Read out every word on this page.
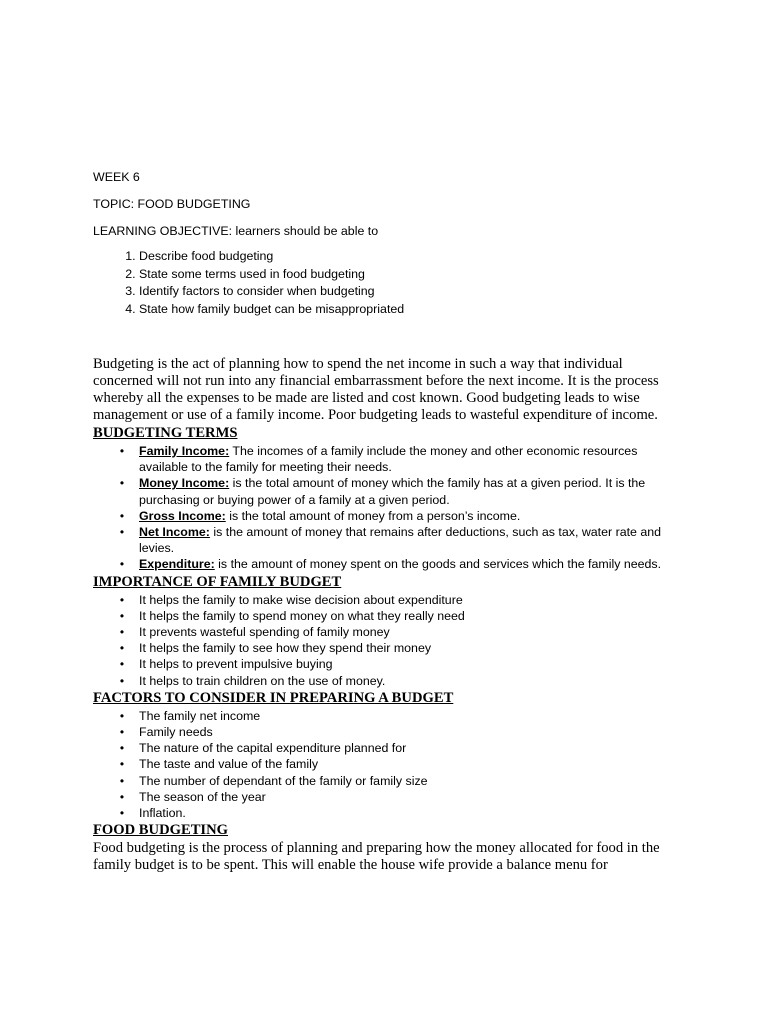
WEEK 6

TOPIC: FOOD BUDGETING

LEARNING OBJECTIVE: learners should be able to

1. Describe food budgeting
2. State some terms used in food budgeting
3. Identify factors to consider when budgeting
4. State how family budget can be misappropriated

Budgeting is the act of planning how to spend the net income in such a way that individual concerned will not run into any financial embarrassment before the next income. It is the process whereby all the expenses to be made are listed and cost known. Good budgeting leads to wise management or use of a family income. Poor budgeting leads to wasteful expenditure of income.

BUDGETING TERMS
• Family Income: The incomes of a family include the money and other economic resources available to the family for meeting their needs.
• Money Income: is the total amount of money which the family has at a given period. It is the purchasing or buying power of a family at a given period.
• Gross Income: is the total amount of money from a person’s income.
• Net Income: is the amount of money that remains after deductions, such as tax, water rate and levies.
• Expenditure: is the amount of money spent on the goods and services which the family needs.
IMPORTANCE OF FAMILY BUDGET
• It helps the family to make wise decision about expenditure
• It helps the family to spend money on what they really need
• It prevents wasteful spending of family money
• It helps the family to see how they spend their money
• It helps to prevent impulsive buying
• It helps to train children on the use of money.
FACTORS TO CONSIDER IN PREPARING A BUDGET
• The family net income
• Family needs
• The nature of the capital expenditure planned for
• The taste and value of the family
• The number of dependant of the family or family size
• The season of the year
• Inflation.
FOOD BUDGETING

Food budgeting is the process of planning and preparing how the money allocated for food in the family budget is to be spent. This will enable the house wife provide a balance menu for
